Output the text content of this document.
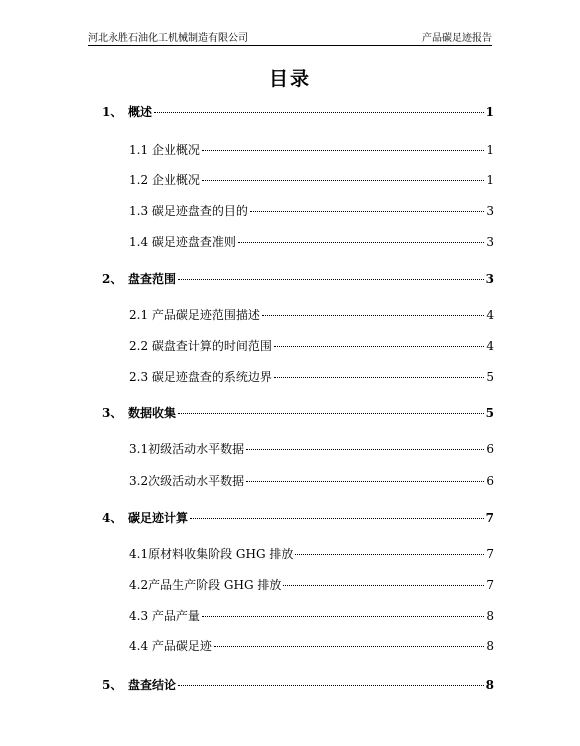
河北永胜石油化工机械制造有限公司	产品碳足迹报告
目录
1、 概述	1
1.1 企业概况	1
1.2 企业概况	1
1.3 碳足迹盘查的目的	3
1.4 碳足迹盘查准则	3
2、 盘查范围	3
2.1 产品碳足迹范围描述	4
2.2 碳盘查计算的时间范围	4
2.3 碳足迹盘查的系统边界	5
3、 数据收集	5
3.1初级活动水平数据	6
3.2次级活动水平数据	6
4、 碳足迹计算	7
4.1原材料收集阶段 GHG 排放	7
4.2产品生产阶段 GHG 排放	7
4.3 产品产量	8
4.4 产品碳足迹	8
5、 盘查结论	8
